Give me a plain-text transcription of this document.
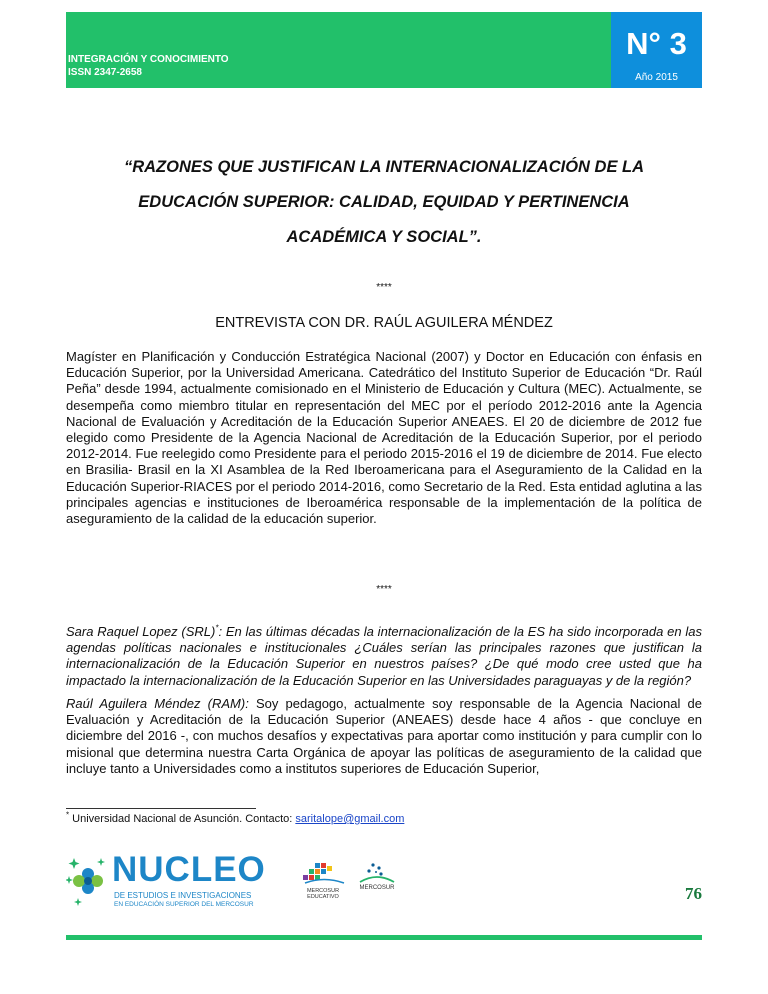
INTEGRACIÓN Y CONOCIMIENTO
ISSN 2347-2658
N° 3
Año 2015
“RAZONES QUE JUSTIFICAN LA INTERNACIONALIZACIÓN DE LA
EDUCACIÓN SUPERIOR: CALIDAD, EQUIDAD Y PERTINENCIA
ACADÉMICA Y SOCIAL”.
****
ENTREVISTA CON DR. RAÚL AGUILERA MÉNDEZ

Magíster en Planificación y Conducción Estratégica Nacional (2007) y Doctor en Educación con énfasis en Educación Superior, por la Universidad Americana. Catedrático del Instituto Superior de Educación “Dr. Raúl Peña” desde 1994, actualmente comisionado en el Ministerio de Educación y Cultura (MEC). Actualmente, se desempeña como miembro titular en representación del MEC por el período 2012-2016 ante la Agencia Nacional de Evaluación y Acreditación de la Educación Superior ANEAES. El 20 de diciembre de 2012 fue elegido como Presidente de la Agencia Nacional de Acreditación de la Educación Superior, por el periodo 2012-2014. Fue reelegido como Presidente para el periodo 2015-2016 el 19 de diciembre de 2014. Fue electo en Brasilia- Brasil en la XI Asamblea de la Red Iberoamericana para el Aseguramiento de la Calidad en la Educación Superior-RIACES por el periodo 2014-2016, como Secretario de la Red. Esta entidad aglutina a las principales agencias e instituciones de Iberoamérica responsable de la implementación de la política de aseguramiento de la calidad de la educación superior.

****

Sara Raquel Lopez (SRL)*: En las últimas décadas la internacionalización de la ES ha sido incorporada en las agendas políticas nacionales e institucionales ¿Cuáles serían las principales razones que justifican la internacionalización de la Educación Superior en nuestros países? ¿De qué modo cree usted que ha impactado la internacionalización de la Educación Superior en las Universidades paraguayas y de la región?

Raúl Aguilera Méndez (RAM): Soy pedagogo, actualmente soy responsable de la Agencia Nacional de Evaluación y Acreditación de la Educación Superior (ANEAES) desde hace 4 años - que concluye en diciembre del 2016 -, con muchos desafíos y expectativas para aportar como institución y para cumplir con lo misional que determina nuestra Carta Orgánica de apoyar las políticas de aseguramiento de la calidad que incluye tanto a Universidades como a institutos superiores de Educación Superior,

* Universidad Nacional de Asunción. Contacto: saritalope@gmail.com
NUCLEO
DE ESTUDIOS E INVESTIGACIONES
EN EDUCACIÓN SUPERIOR DEL MERCOSUR
MERCOSUR
EDUCATIVO
MERCOSUR	76
